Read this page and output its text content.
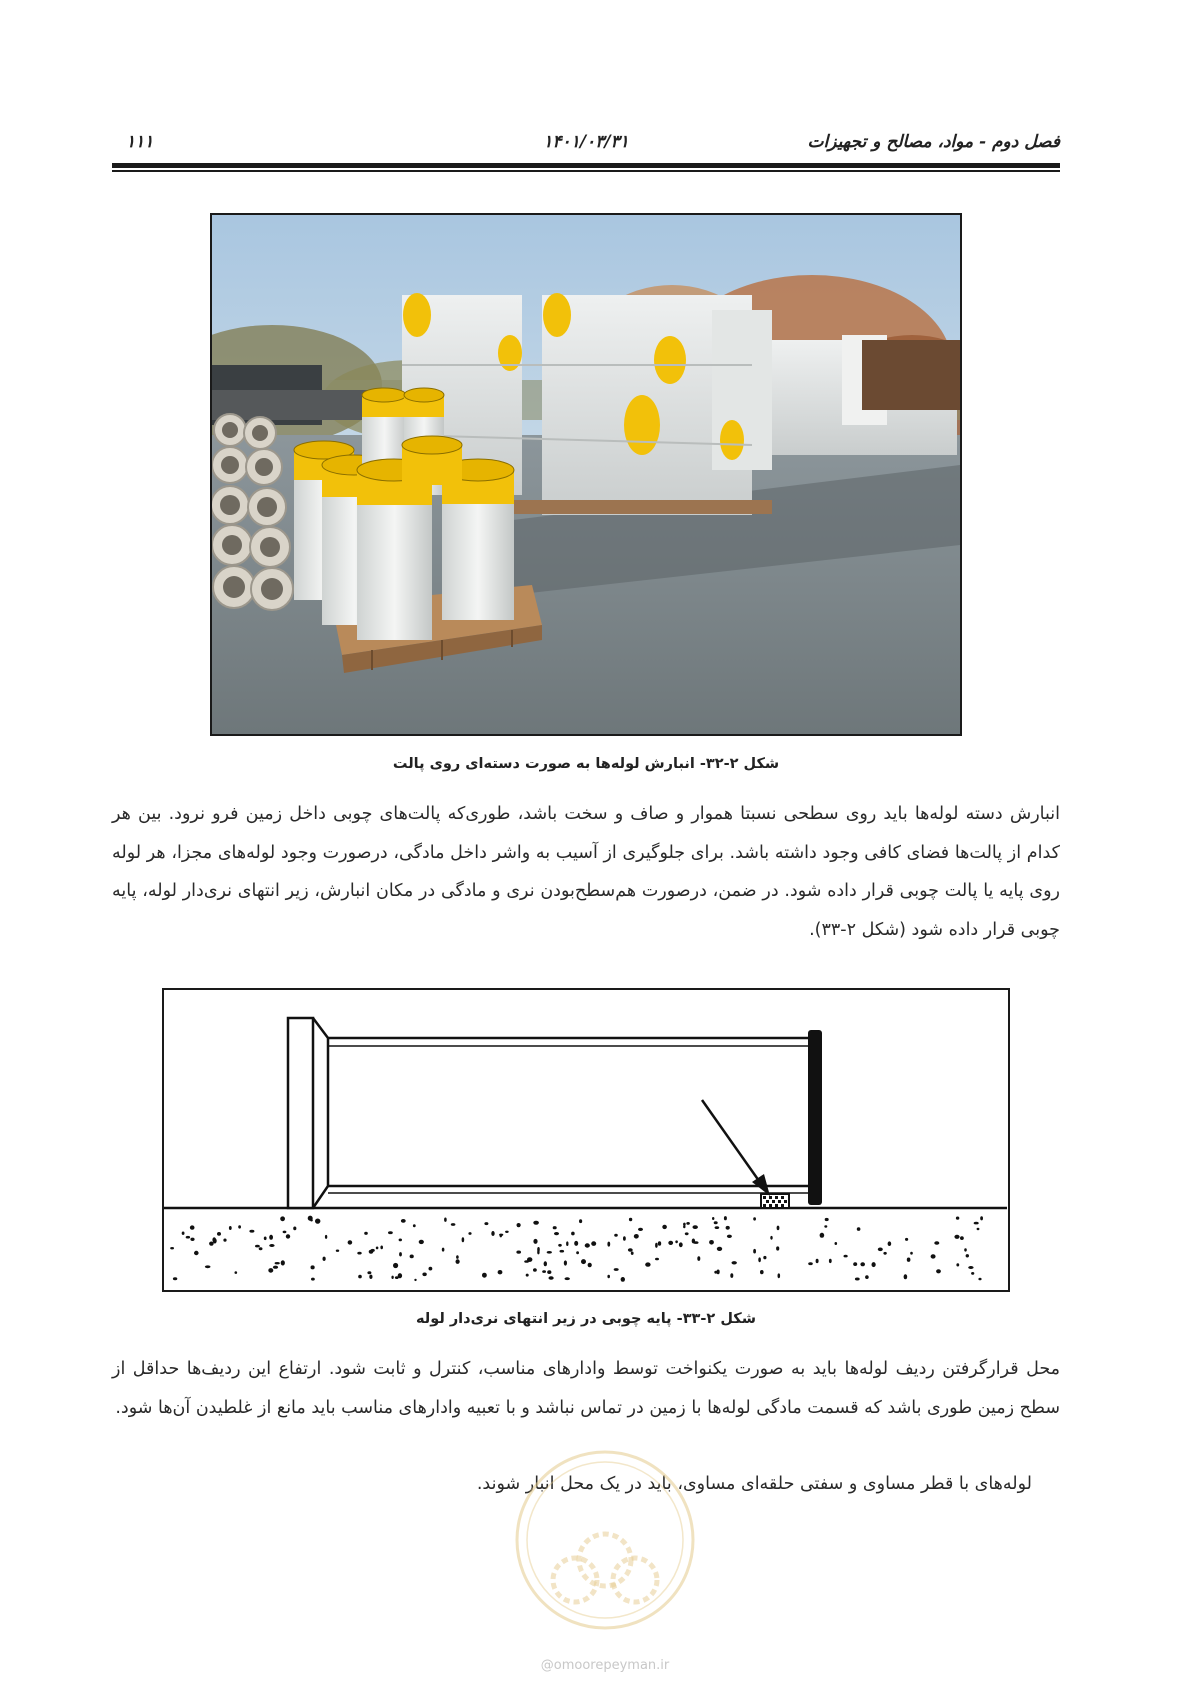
فصل دوم - مواد، مصالح و تجهیزات
۱۴۰۱/۰۳/۳۱
۱۱۱
شکل ۲-۳۲- انبارش لوله‌ها به صورت دسته‌ای روی پالت

انبارش دسته لوله‌ها باید روی سطحی نسبتا هموار و صاف و سخت باشد، طوری‌که پالت‌های چوبی داخل زمین فرو نرود. بین هر کدام از پالت‌ها فضای کافی وجود داشته باشد. برای جلوگیری از آسیب به واشر داخل مادگی، درصورت وجود لوله‌های مجزا، هر لوله روی پایه یا پالت چوبی قرار داده شود. در ضمن، درصورت هم‌سطح‌بودن نری و مادگی در مکان انبارش، زیر انتهای نری‌دار لوله، پایه چوبی قرار داده شود (شکل ۲-۳۳).

شکل ۲-۳۳- پایه چوبی در زیر انتهای نری‌دار لوله

محل قرارگرفتن ردیف لوله‌ها باید به صورت یکنواخت توسط وادارهای مناسب، کنترل و ثابت شود. ارتفاع این ردیف‌ها حداقل از سطح زمین طوری باشد که قسمت مادگی لوله‌ها با زمین در تماس نباشد و با تعبیه وادارهای مناسب باید مانع از غلطیدن آن‌ها شود.

لوله‌های با قطر مساوی و سفتی حلقه‌ای مساوی، باید در یک محل انبار شوند.

@omoorepeyman.ir
